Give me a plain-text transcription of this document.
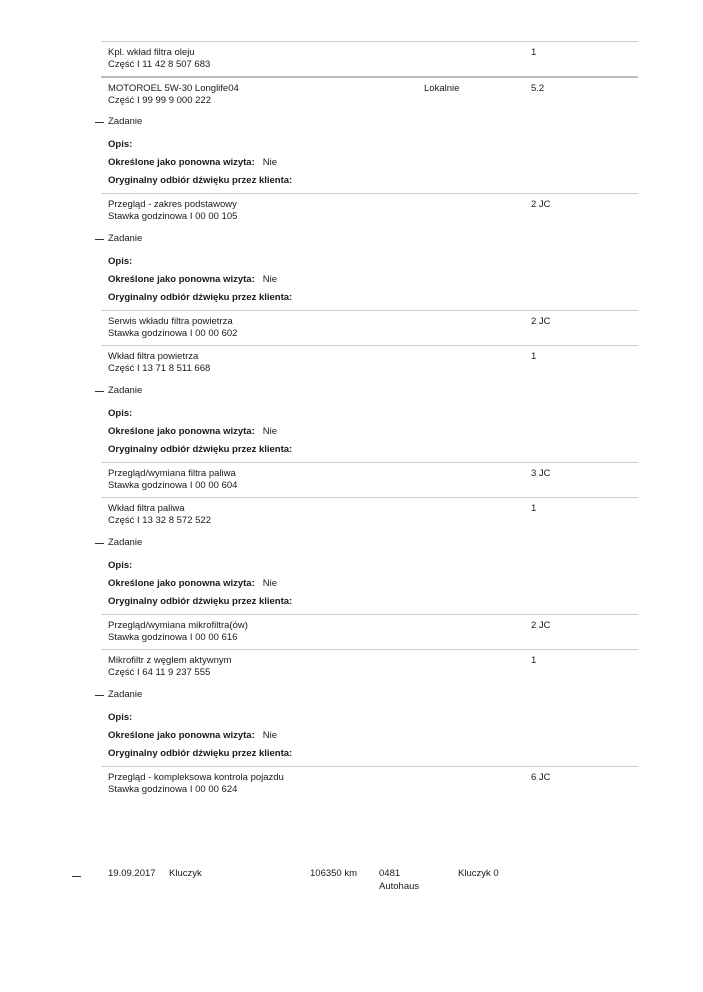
Kpl. wkład filtra oleju
Część I 11 42 8 507 683
1
MOTOROEL 5W-30 Longlife04
Część I 99 99 9 000 222
Lokalnie	5.2
Zadanie
Opis:
Określone jako ponowna wizyta: Nie
Oryginalny odbiór dźwięku przez klienta:
Przegląd - zakres podstawowy
Stawka godzinowa I 00 00 105
2 JC
Zadanie
Opis:
Określone jako ponowna wizyta: Nie
Oryginalny odbiór dźwięku przez klienta:
Serwis wkładu filtra powietrza
Stawka godzinowa I 00 00 602
2 JC
Wkład filtra powietrza
Część I 13 71 8 511 668
1
Zadanie
Opis:
Określone jako ponowna wizyta: Nie
Oryginalny odbiór dźwięku przez klienta:
Przegląd/wymiana filtra paliwa
Stawka godzinowa I 00 00 604
3 JC
Wkład filtra paliwa
Część I 13 32 8 572 522
1
Zadanie
Opis:
Określone jako ponowna wizyta: Nie
Oryginalny odbiór dźwięku przez klienta:
Przegląd/wymiana mikrofiltra(ów)
Stawka godzinowa I 00 00 616
2 JC
Mikrofiltr z węglem aktywnym
Część I 64 11 9 237 555
1
Zadanie
Opis:
Określone jako ponowna wizyta: Nie
Oryginalny odbiór dźwięku przez klienta:
Przegląd - kompleksowa kontrola pojazdu
Stawka godzinowa I 00 00 624
6 JC
19.09.2017 Kluczyk	106350 km 0481
Autohaus
Kluczyk 0
